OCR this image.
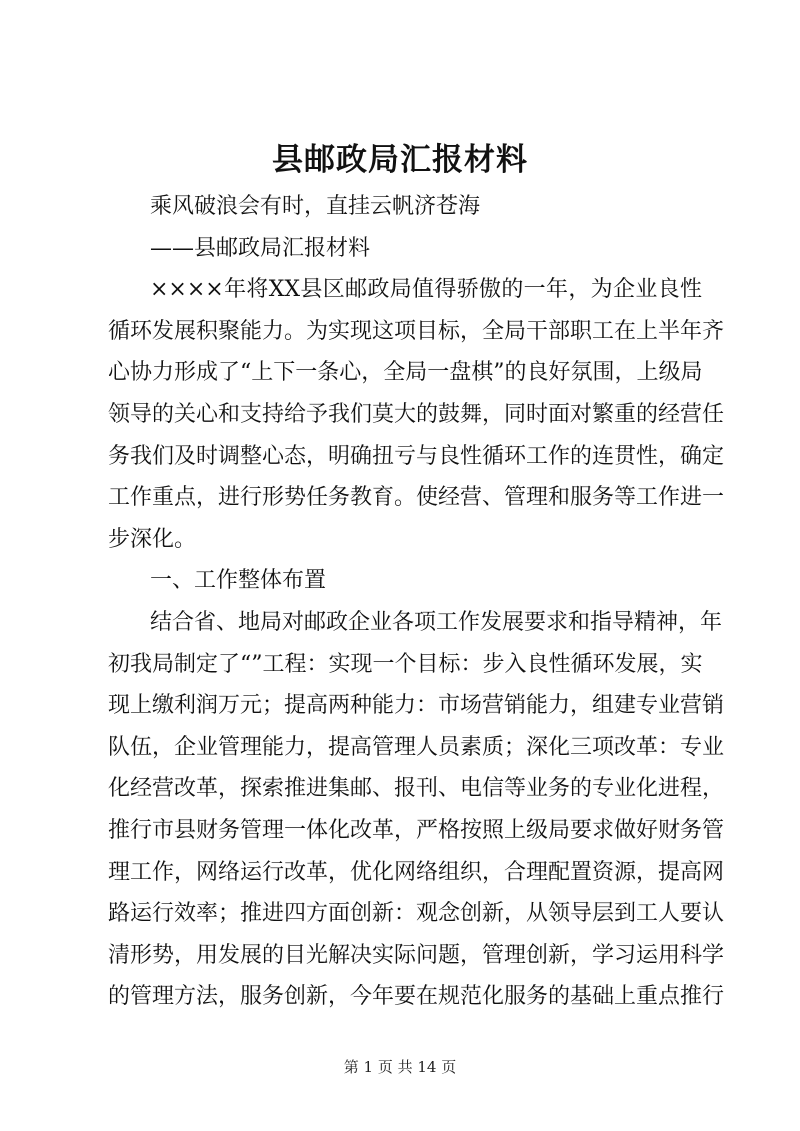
县邮政局汇报材料
乘风破浪会有时，直挂云帆济苍海
——县邮政局汇报材料
××××年将XX县区邮政局值得骄傲的一年，为企业良性
循环发展积聚能力。为实现这项目标，全局干部职工在上半年齐
心协力形成了“上下一条心，全局一盘棋”的良好氛围，上级局
领导的关心和支持给予我们莫大的鼓舞，同时面对繁重的经营任
务我们及时调整心态，明确扭亏与良性循环工作的连贯性，确定
工作重点，进行形势任务教育。使经营、管理和服务等工作进一
步深化。
一、工作整体布置
结合省、地局对邮政企业各项工作发展要求和指导精神，年
初我局制定了“”工程：实现一个目标：步入良性循环发展，实
现上缴利润万元；提高两种能力：市场营销能力，组建专业营销
队伍，企业管理能力，提高管理人员素质；深化三项改革：专业
化经营改革，探索推进集邮、报刊、电信等业务的专业化进程，
推行市县财务管理一体化改革，严格按照上级局要求做好财务管
理工作，网络运行改革，优化网络组织，合理配置资源，提高网
路运行效率；推进四方面创新：观念创新，从领导层到工人要认
清形势，用发展的目光解决实际问题，管理创新，学习运用科学
的管理方法，服务创新，今年要在规范化服务的基础上重点推行
第 1 页 共 14 页
